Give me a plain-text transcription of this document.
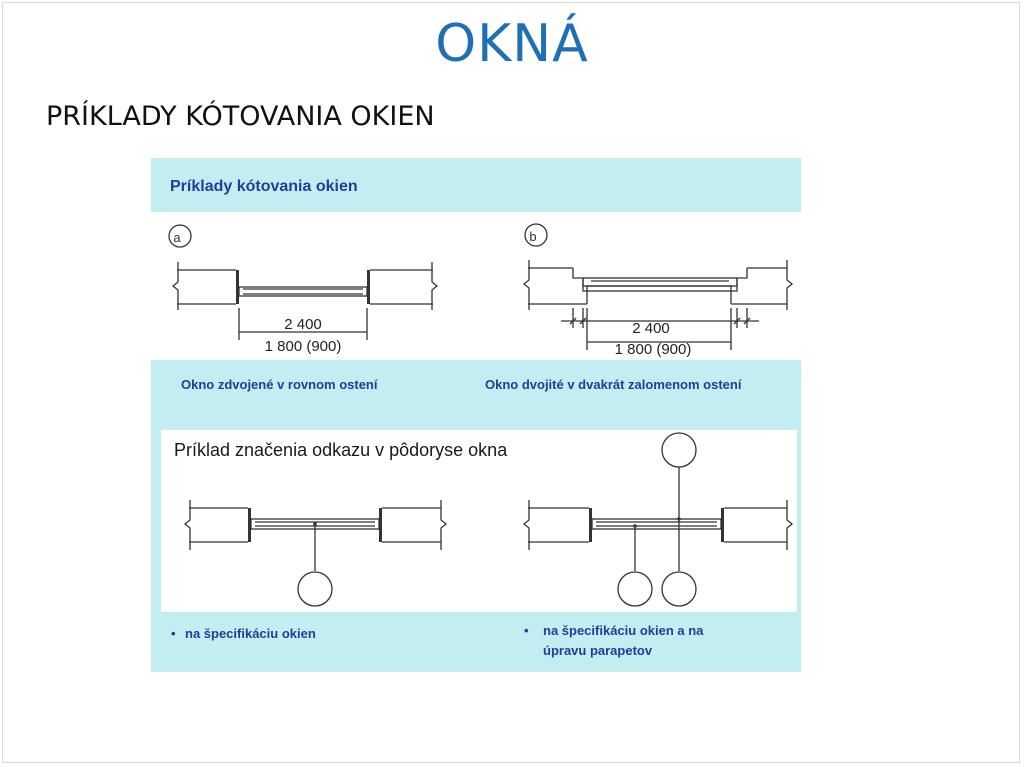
OKNÁ
PRÍKLADY KÓTOVANIA OKIEN
Príklady kótovania okien
a
2 400
1 800 (900)
b
2 400
1 800 (900)
Okno zdvojené v rovnom ostení	Okno dvojité v dvakrát zalomenom ostení
Príklad značenia odkazu v pôdoryse okna
• na špecifikáciu okien	• na špecifikáciu okien a na
úpravu parapetov
